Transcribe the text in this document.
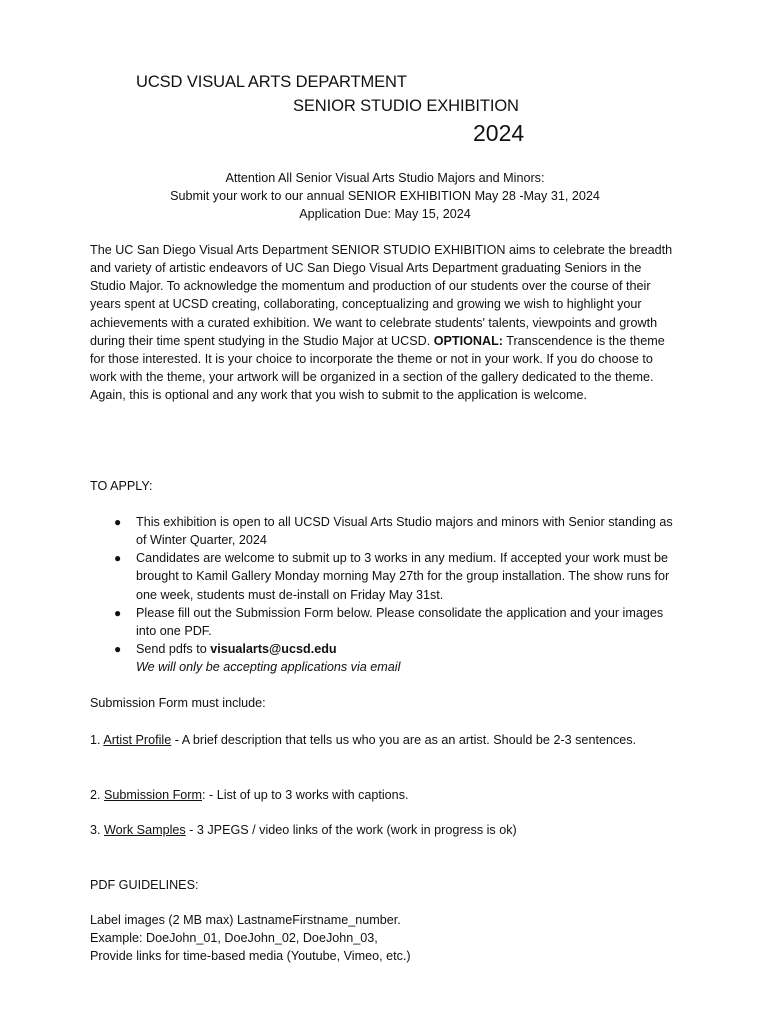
UCSD VISUAL ARTS DEPARTMENT
SENIOR STUDIO EXHIBITION
2024
Attention All Senior Visual Arts Studio Majors and Minors:
Submit your work to our annual SENIOR EXHIBITION May 28 -May 31, 2024
Application Due: May 15, 2024

The UC San Diego Visual Arts Department SENIOR STUDIO EXHIBITION aims to celebrate the breadth and variety of artistic endeavors of UC San Diego Visual Arts Department graduating Seniors in the Studio Major. To acknowledge the momentum and production of our students over the course of their years spent at UCSD creating, collaborating, conceptualizing and growing we wish to highlight your achievements with a curated exhibition. We want to celebrate students' talents, viewpoints and growth during their time spent studying in the Studio Major at UCSD. OPTIONAL: Transcendence is the theme for those interested. It is your choice to incorporate the theme or not in your work. If you do choose to work with the theme, your artwork will be organized in a section of the gallery dedicated to the theme. Again, this is optional and any work that you wish to submit to the application is welcome.

TO APPLY:
● This exhibition is open to all UCSD Visual Arts Studio majors and minors with Senior standing as of Winter Quarter, 2024
● Candidates are welcome to submit up to 3 works in any medium. If accepted your work must be brought to Kamil Gallery Monday morning May 27th for the group installation. The show runs for one week, students must de-install on Friday May 31st.
● Please fill out the Submission Form below. Please consolidate the application and your images into one PDF.
● Send pdfs to visualarts@ucsd.edu
We will only be accepting applications via email

Submission Form must include:

1. Artist Profile - A brief description that tells us who you are as an artist. Should be 2-3 sentences.

2. Submission Form: - List of up to 3 works with captions.

3. Work Samples - 3 JPEGS / video links of the work (work in progress is ok)

PDF GUIDELINES:

Label images (2 MB max) LastnameFirstname_number.
Example: DoeJohn_01, DoeJohn_02, DoeJohn_03,
Provide links for time-based media (Youtube, Vimeo, etc.)
